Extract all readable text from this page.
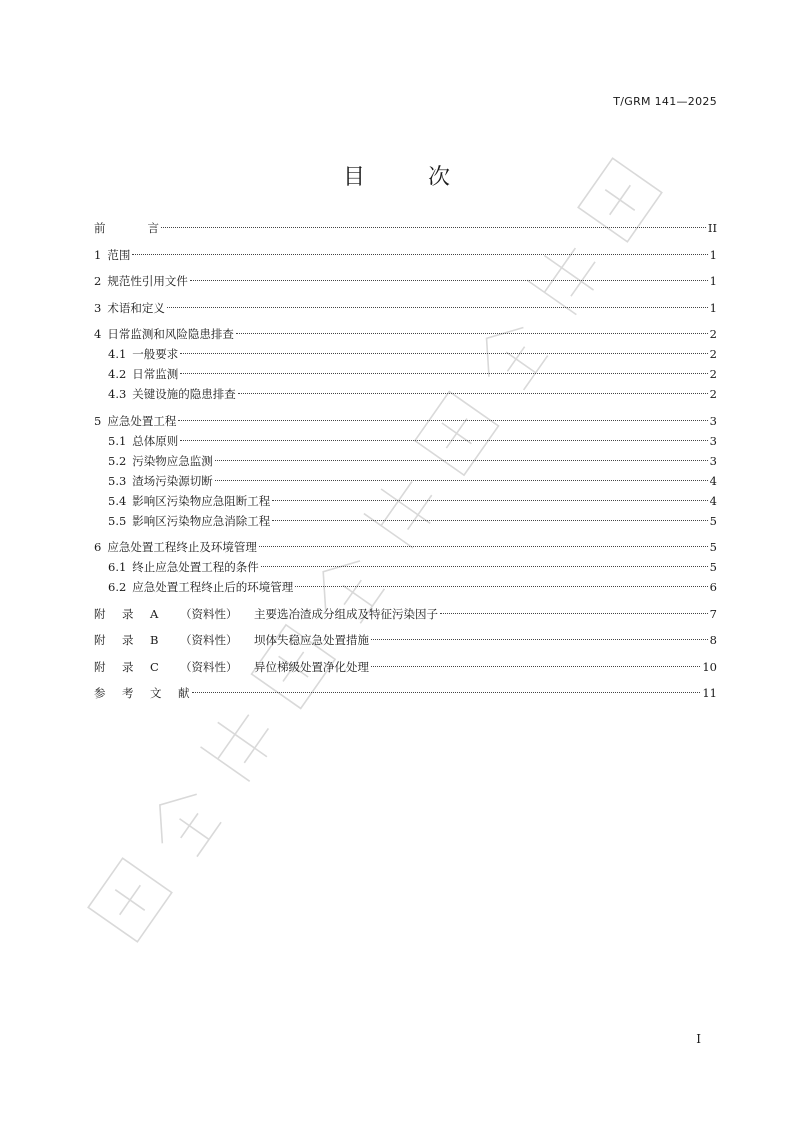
T/GRM 141—2025
目 次
前言	II
1 范围	1
2 规范性引用文件	1
3 术语和定义	1
4 日常监测和风险隐患排查	2
4.1 一般要求	2
4.2 日常监测	2
4.3 关键设施的隐患排查	2
5 应急处置工程	3
5.1 总体原则	3
5.2 污染物应急监测	3
5.3 渣场污染源切断	4
5.4 影响区污染物应急阻断工程	4
5.5 影响区污染物应急消除工程	5
6 应急处置工程终止及环境管理	5
6.1 终止应急处置工程的条件	5
6.2 应急处置工程终止后的环境管理	6
附 录 A （资料性） 主要选冶渣成分组成及特征污染因子	7
附 录 B （资料性） 坝体失稳应急处置措施	8
附 录 C （资料性） 异位梯级处置净化处理	10
参 考 文 献	11
I
